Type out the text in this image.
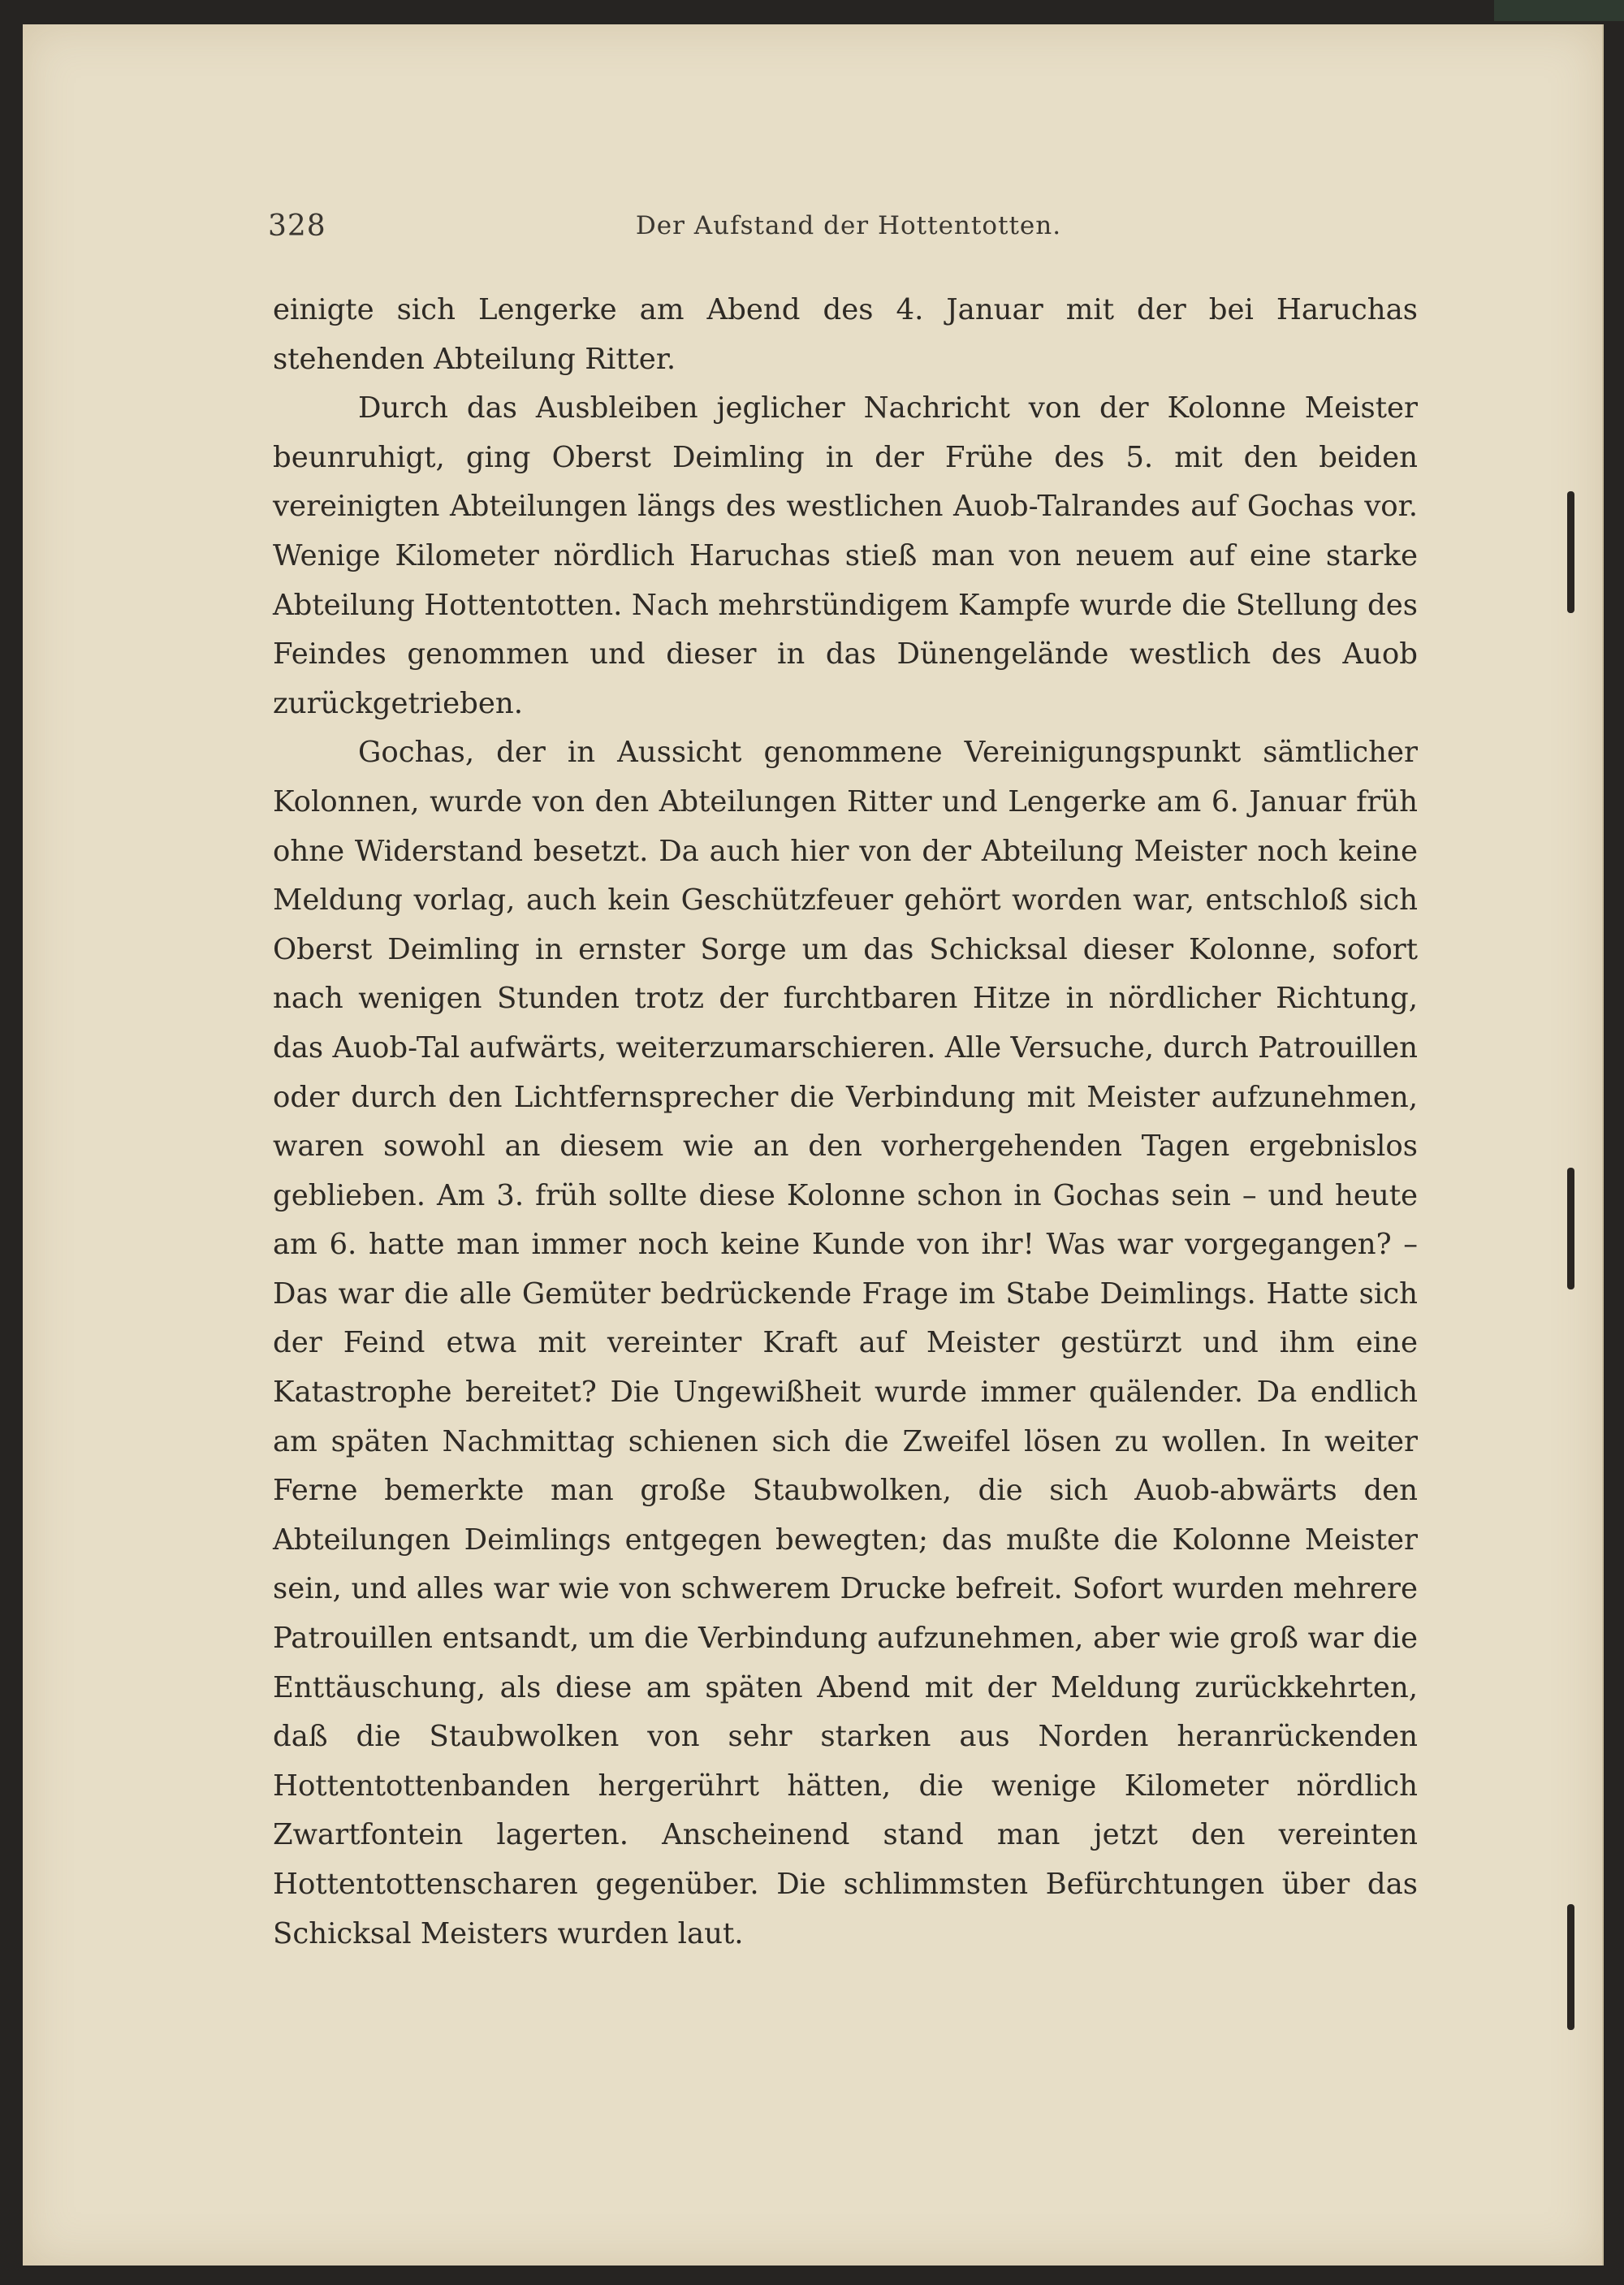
328	Der Aufstand der Hottentotten.

einigte sich Lengerke am Abend des 4. Januar mit der bei Haruchas stehenden Abteilung Ritter.

Durch das Ausbleiben jeglicher Nachricht von der Kolonne Meister beunruhigt, ging Oberst Deimling in der Frühe des 5. mit den beiden vereinigten Abteilungen längs des westlichen Auob-Talrandes auf Gochas vor. Wenige Kilometer nördlich Haruchas stieß man von neuem auf eine starke Abteilung Hottentotten. Nach mehrstündigem Kampfe wurde die Stellung des Feindes genommen und dieser in das Dünengelände westlich des Auob zurückgetrieben.

Gochas, der in Aussicht genommene Vereinigungspunkt sämtlicher Kolonnen, wurde von den Abteilungen Ritter und Lengerke am 6. Januar früh ohne Widerstand besetzt. Da auch hier von der Abteilung Meister noch keine Meldung vorlag, auch kein Geschützfeuer gehört worden war, entschloß sich Oberst Deimling in ernster Sorge um das Schicksal dieser Kolonne, sofort nach wenigen Stunden trotz der furchtbaren Hitze in nördlicher Richtung, das Auob-Tal aufwärts, weiterzumarschieren. Alle Versuche, durch Patrouillen oder durch den Lichtfernsprecher die Verbindung mit Meister aufzunehmen, waren sowohl an diesem wie an den vorhergehenden Tagen ergebnislos geblieben. Am 3. früh sollte diese Kolonne schon in Gochas sein – und heute am 6. hatte man immer noch keine Kunde von ihr! Was war vorgegangen? – Das war die alle Gemüter bedrückende Frage im Stabe Deimlings. Hatte sich der Feind etwa mit vereinter Kraft auf Meister gestürzt und ihm eine Katastrophe bereitet? Die Ungewißheit wurde immer quälender. Da endlich am späten Nachmittag schienen sich die Zweifel lösen zu wollen. In weiter Ferne bemerkte man große Staubwolken, die sich Auob-abwärts den Abteilungen Deimlings entgegen bewegten; das mußte die Kolonne Meister sein, und alles war wie von schwerem Drucke befreit. Sofort wurden mehrere Patrouillen entsandt, um die Verbindung aufzunehmen, aber wie groß war die Enttäuschung, als diese am späten Abend mit der Meldung zurückkehrten, daß die Staubwolken von sehr starken aus Norden heranrückenden Hottentottenbanden hergerührt hätten, die wenige Kilometer nördlich Zwartfontein lagerten. Anscheinend stand man jetzt den vereinten Hottentottenscharen gegenüber. Die schlimmsten Befürchtungen über das Schicksal Meisters wurden laut.
